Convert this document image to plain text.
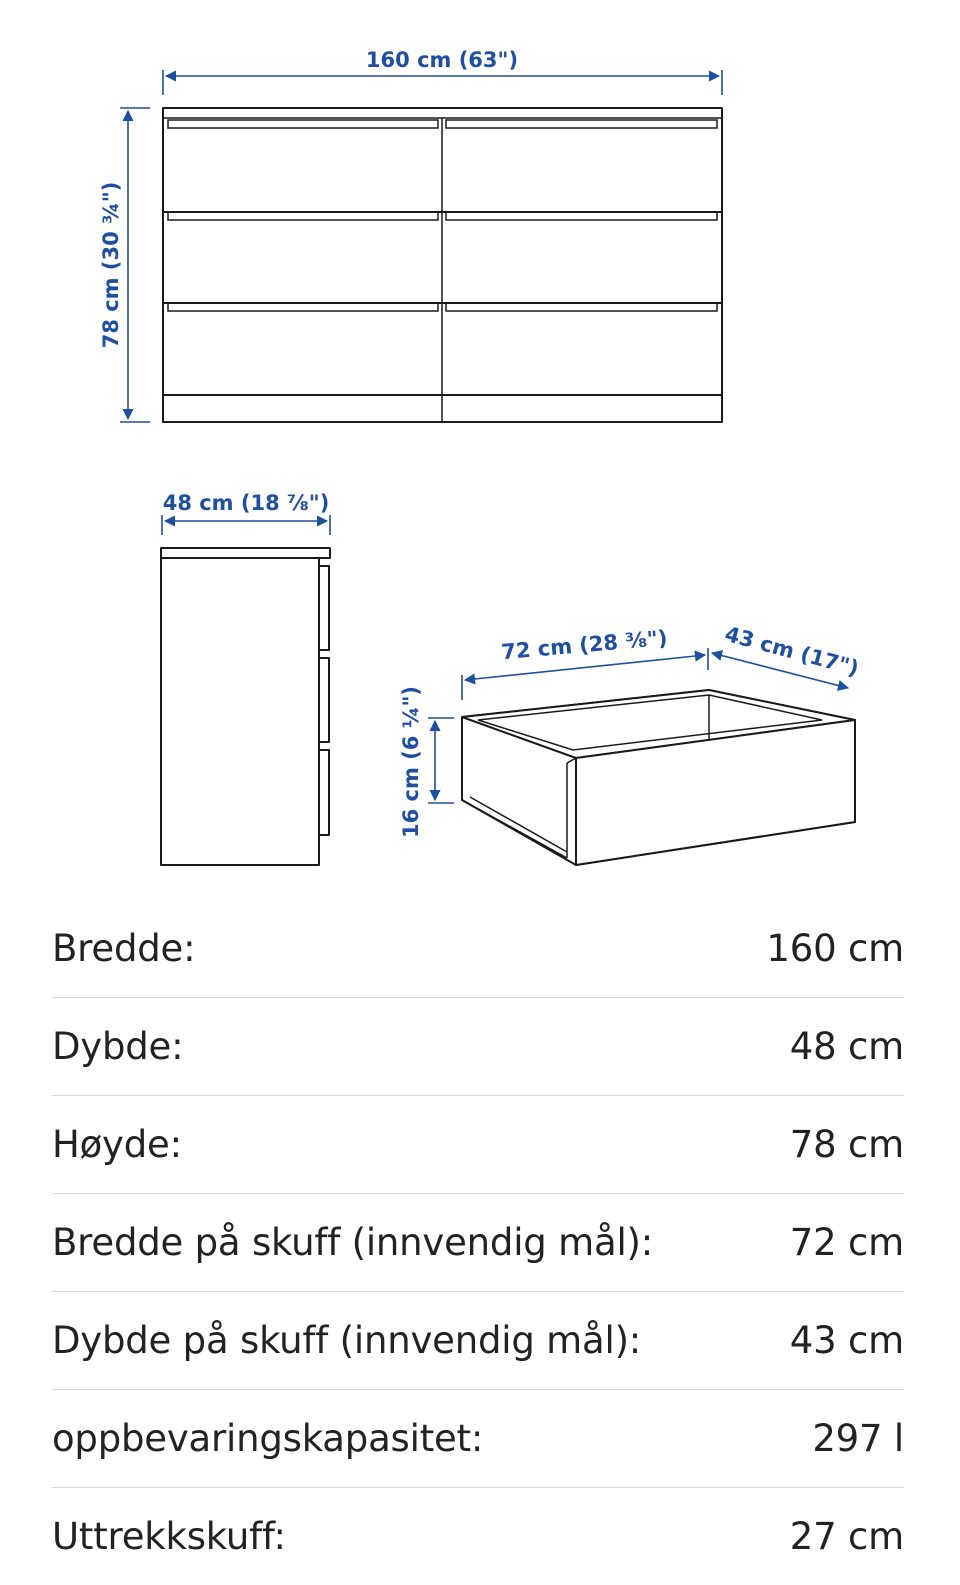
160 cm (63")
78 cm (30 ¾")
48 cm (18 ⅞")
72 cm (28 ⅜")	43 cm (17")
16 cm (6 ¼")
Bredde:	160 cm
Dybde:	48 cm
Høyde:	78 cm
Bredde på skuff (innvendig mål):	72 cm
Dybde på skuff (innvendig mål):	43 cm
oppbevaringskapasitet:	297 l
Uttrekkskuff:	27 cm
